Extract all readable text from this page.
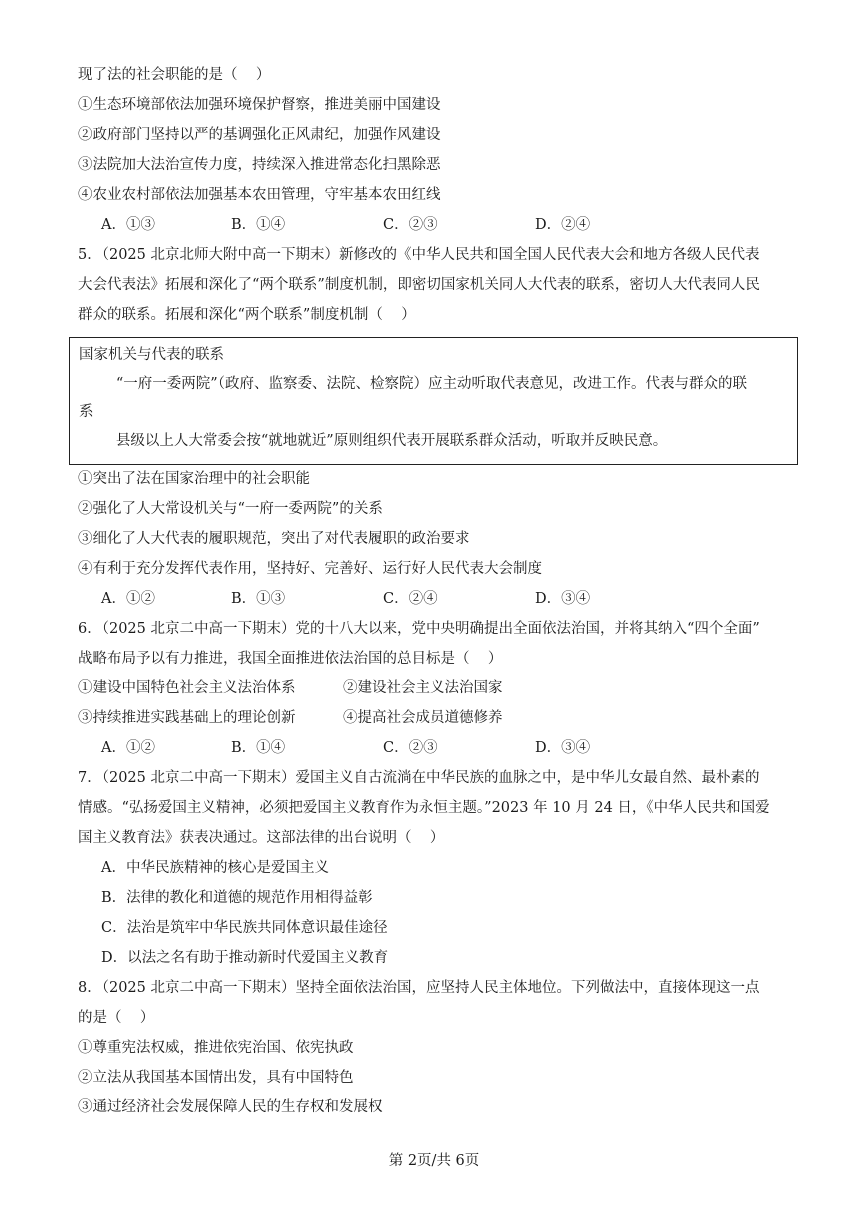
现了法的社会职能的是（    ）
①生态环境部依法加强环境保护督察，推进美丽中国建设
②政府部门坚持以严的基调强化正风肃纪，加强作风建设
③法院加大法治宣传力度，持续深入推进常态化扫黑除恶
④农业农村部依法加强基本农田管理，守牢基本农田红线
A．①③	B．①④	C．②③	D．②④
5．（2025 北京北师大附中高一下期末）新修改的《中华人民共和国全国人民代表大会和地方各级人民代表
大会代表法》拓展和深化了“两个联系”制度机制，即密切国家机关同人大代表的联系，密切人大代表同人民
群众的联系。拓展和深化“两个联系”制度机制（    ）
国家机关与代表的联系
“一府一委两院”（政府、监察委、法院、检察院）应主动听取代表意见，改进工作。代表与群众的联
系
县级以上人大常委会按“就地就近”原则组织代表开展联系群众活动，听取并反映民意。
①突出了法在国家治理中的社会职能
②强化了人大常设机关与“一府一委两院”的关系
③细化了人大代表的履职规范，突出了对代表履职的政治要求
④有利于充分发挥代表作用，坚持好、完善好、运行好人民代表大会制度
A．①②	B．①③	C．②④	D．③④
6．（2025 北京二中高一下期末）党的十八大以来，党中央明确提出全面依法治国，并将其纳入“四个全面”
战略布局予以有力推进，我国全面推进依法治国的总目标是（    ）
①建设中国特色社会主义法治体系	②建设社会主义法治国家
③持续推进实践基础上的理论创新	④提高社会成员道德修养
A．①②	B．①④	C．②③	D．③④
7．（2025 北京二中高一下期末）爱国主义自古流淌在中华民族的血脉之中，是中华儿女最自然、最朴素的
情感。“弘扬爱国主义精神，必须把爱国主义教育作为永恒主题。”2023 年 10 月 24 日，《中华人民共和国爱
国主义教育法》获表决通过。这部法律的出台说明（    ）
A．中华民族精神的核心是爱国主义
B．法律的教化和道德的规范作用相得益彰
C．法治是筑牢中华民族共同体意识最佳途径
D．以法之名有助于推动新时代爱国主义教育
8．（2025 北京二中高一下期末）坚持全面依法治国，应坚持人民主体地位。下列做法中，直接体现这一点
的是（    ）
①尊重宪法权威，推进依宪治国、依宪执政
②立法从我国基本国情出发，具有中国特色
③通过经济社会发展保障人民的生存权和发展权
第 2页/共 6页
